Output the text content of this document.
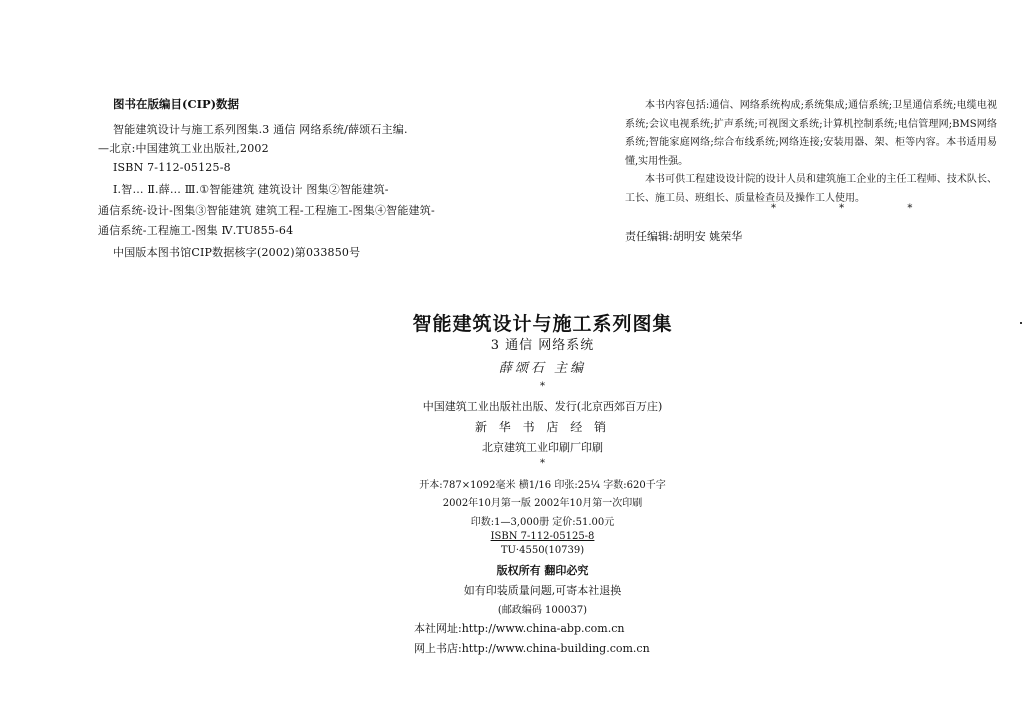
图书在版编目(CIP)数据
智能建筑设计与施工系列图集.3 通信 网络系统/薛颂石主编.
—北京:中国建筑工业出版社,2002
ISBN 7-112-05125-8
Ⅰ.智… Ⅱ.薛… Ⅲ.①智能建筑 建筑设计 图集②智能建筑-
通信系统-设计-图集③智能建筑 建筑工程-工程施工-图集④智能建筑-
通信系统-工程施工-图集 Ⅳ.TU855-64
中国版本图书馆CIP数据核字(2002)第033850号

本书内容包括:通信、网络系统构成;系统集成;通信系统;卫星通信系统;电缆电视系统;会议电视系统;扩声系统;可视图文系统;计算机控制系统;电信管理网;BMS网络系统;智能家庭网络;综合布线系统;网络连接;安装用器、架、柜等内容。本书适用易懂,实用性强。

本书可供工程建设设计院的设计人员和建筑施工企业的主任工程师、技术队长、工长、施工员、班组长、质量检查员及操作工人使用。

* * *
责任编辑:胡明安 姚荣华
智能建筑设计与施工系列图集
3 通信 网络系统
薛颂石 主编
*
中国建筑工业出版社出版、发行(北京西郊百万庄)
新 华 书 店 经 销
北京建筑工业印刷厂印刷
*
开本:787×1092毫米 横1/16 印张:25¼ 字数:620千字
2002年10月第一版 2002年10月第一次印刷
印数:1—3,000册 定价:51.00元
ISBN 7-112-05125-8
TU·4550(10739)
版权所有 翻印必究
如有印装质量问题,可寄本社退换
(邮政编码 100037)
本社网址:http://www.china-abp.com.cn
网上书店:http://www.china-building.com.cn
